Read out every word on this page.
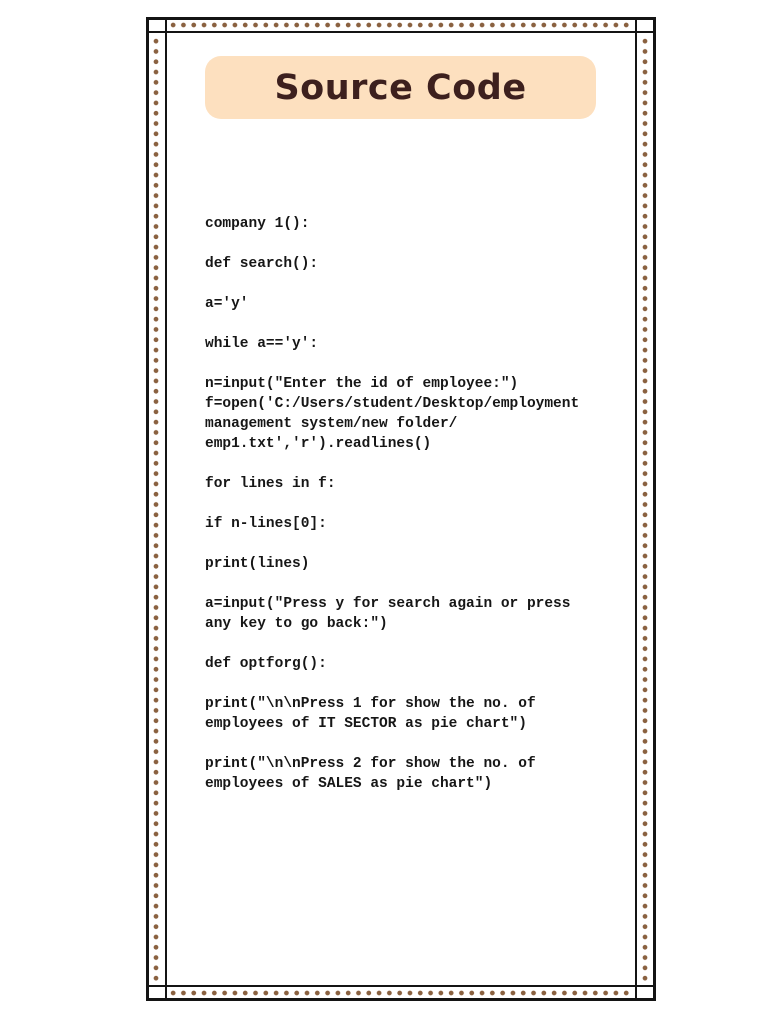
Source Code
company 1():
def search():
a='y'
while a=='y':
n=input("Enter the id of employee:")
f=open('C:/Users/student/Desktop/employment
management system/new folder/
emp1.txt','r').readlines()
for lines in f:
if n-lines[0]:
print(lines)
a=input("Press y for search again or press
any key to go back:")
def optforg():
print("\n\nPress 1 for show the no. of
employees of IT SECTOR as pie chart")
print("\n\nPress 2 for show the no. of
employees of SALES as pie chart")
